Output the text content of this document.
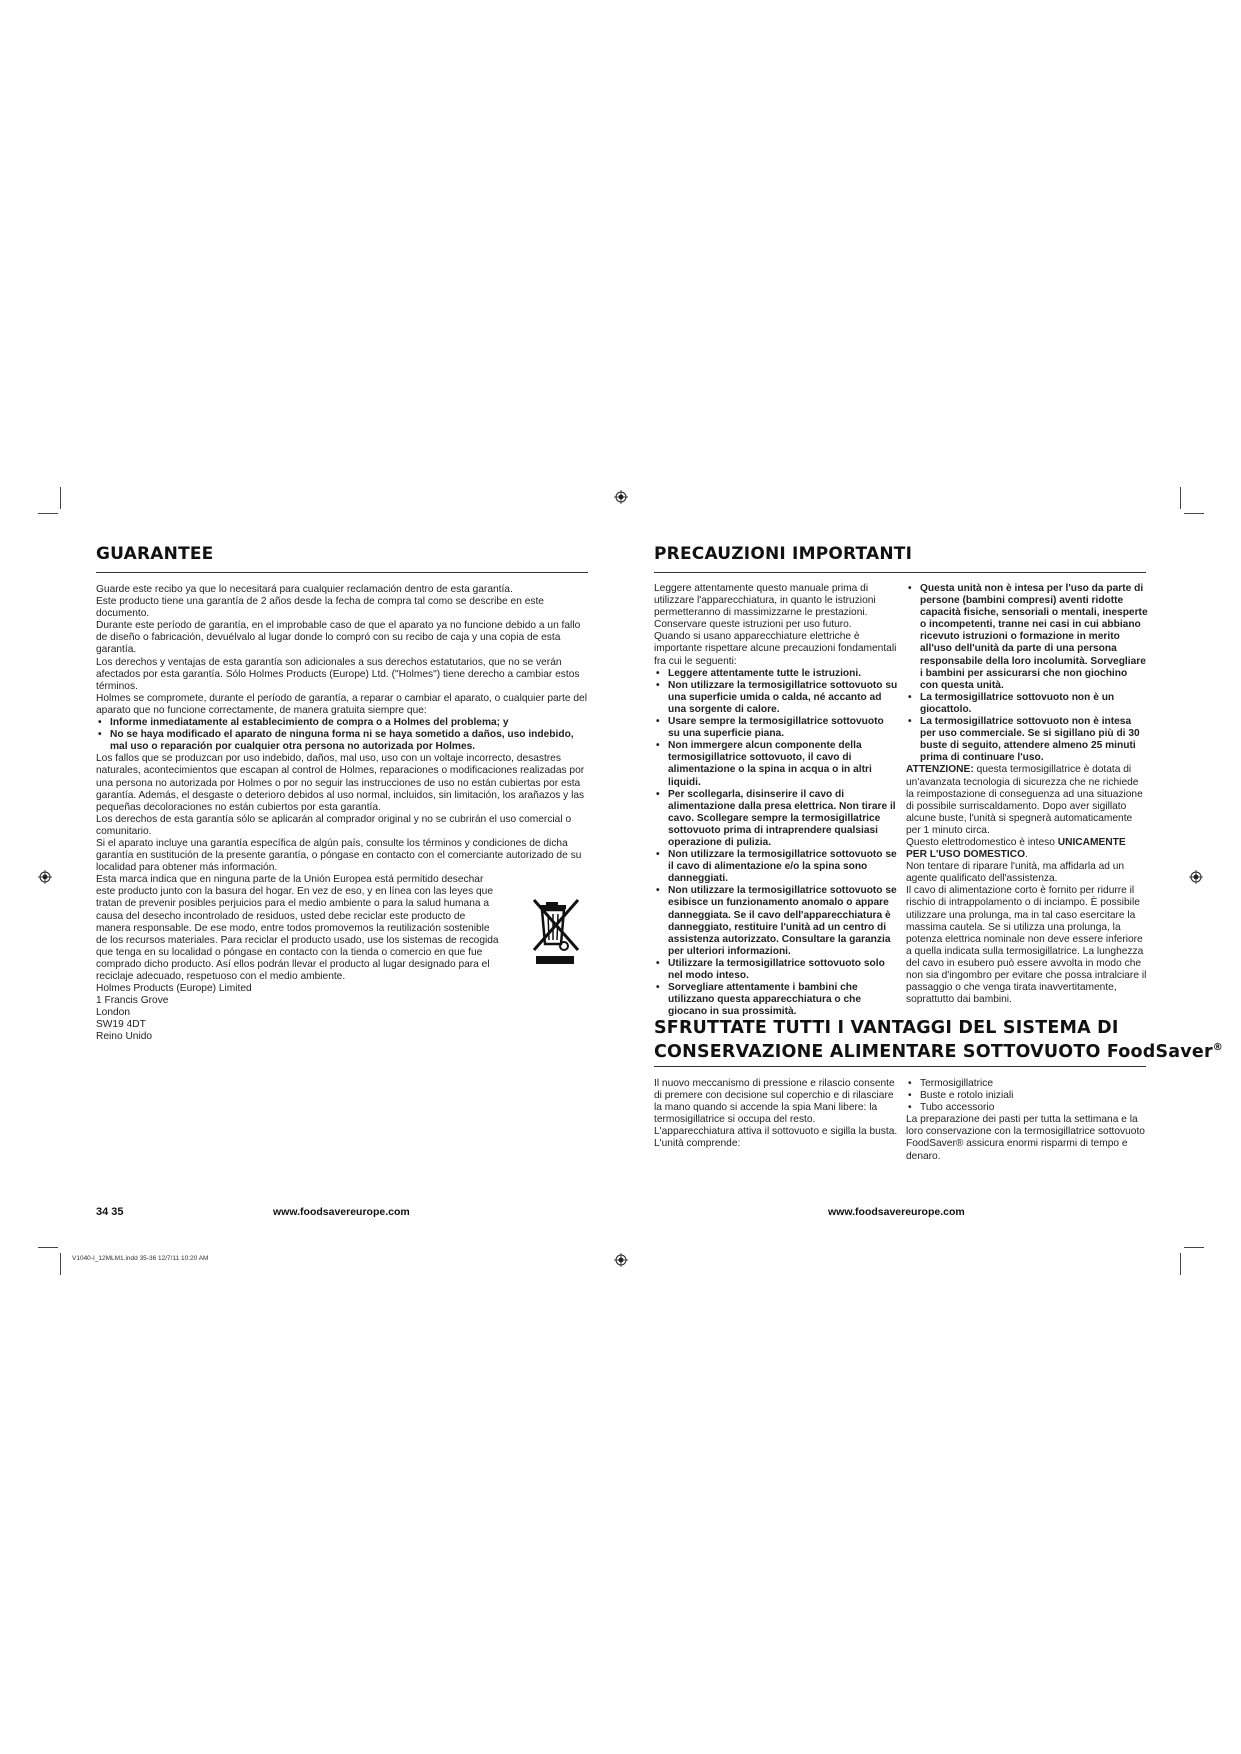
GUARANTEE

Guarde este recibo ya que lo necesitará para cualquier reclamación dentro de esta garantía.

Este producto tiene una garantía de 2 años desde la fecha de compra tal como se describe en este documento.

Durante este período de garantía, en el improbable caso de que el aparato ya no funcione debido a un fallo de diseño o fabricación, devuélvalo al lugar donde lo compró con su recibo de caja y una copia de esta garantía.

Los derechos y ventajas de esta garantía son adicionales a sus derechos estatutarios, que no se verán afectados por esta garantía. Sólo Holmes Products (Europe) Ltd. ("Holmes") tiene derecho a cambiar estos términos.

Holmes se compromete, durante el período de garantía, a reparar o cambiar el aparato, o cualquier parte del aparato que no funcione correctamente, de manera gratuita siempre que:

• Informe inmediatamente al establecimiento de compra o a Holmes del problema; y
• No se haya modificado el aparato de ninguna forma ni se haya sometido a daños, uso indebido, mal uso o reparación por cualquier otra persona no autorizada por Holmes.

Los fallos que se produzcan por uso indebido, daños, mal uso, uso con un voltaje incorrecto, desastres naturales, acontecimientos que escapan al control de Holmes, reparaciones o modificaciones realizadas por una persona no autorizada por Holmes o por no seguir las instrucciones de uso no están cubiertas por esta garantía. Además, el desgaste o deterioro debidos al uso normal, incluidos, sin limitación, los arañazos y las pequeñas decoloraciones no están cubiertos por esta garantía.

Los derechos de esta garantía sólo se aplicarán al comprador original y no se cubrirán el uso comercial o comunitario.

Si el aparato incluye una garantía específica de algún país, consulte los términos y condiciones de dicha garantía en sustitución de la presente garantía, o póngase en contacto con el comerciante autorizado de su localidad para obtener más información.

Esta marca indica que en ninguna parte de la Unión Europea está permitido desechar este producto junto con la basura del hogar. En vez de eso, y en línea con las leyes que tratan de prevenir posibles perjuicios para el medio ambiente o para la salud humana a causa del desecho incontrolado de residuos, usted debe reciclar este producto de manera responsable. De ese modo, entre todos promovemos la reutilización sostenible de los recursos materiales. Para reciclar el producto usado, use los sistemas de recogida que tenga en su localidad o póngase en contacto con la tienda o comercio en que fue comprado dicho producto. Así ellos podrán llevar el producto al lugar designado para el reciclaje adecuado, respetuoso con el medio ambiente.

Holmes Products (Europe) Limited

1 Francis Grove

London

SW19 4DT

Reino Unido

34 35	www.foodsavereurope.com
V1040-I_12MLM1.indd 35-36 12/7/11 10:20 AM
PRECAUZIONI IMPORTANTI

Leggere attentamente questo manuale prima di utilizzare l'apparecchiatura, in quanto le istruzioni permetteranno di massimizzarne le prestazioni.

Conservare queste istruzioni per uso futuro.

Quando si usano apparecchiature elettriche è importante rispettare alcune precauzioni fondamentali fra cui le seguenti:

• Leggere attentamente tutte le istruzioni.
• Non utilizzare la termosigillatrice sottovuoto su una superficie umida o calda, né accanto ad una sorgente di calore.
• Usare sempre la termosigillatrice sottovuoto su una superficie piana.
• Non immergere alcun componente della termosigillatrice sottovuoto, il cavo di alimentazione o la spina in acqua o in altri liquidi.
• Per scollegarla, disinserire il cavo di alimentazione dalla presa elettrica. Non tirare il cavo. Scollegare sempre la termosigillatrice sottovuoto prima di intraprendere qualsiasi operazione di pulizia.
• Non utilizzare la termosigillatrice sottovuoto se il cavo di alimentazione e/o la spina sono danneggiati.
• Non utilizzare la termosigillatrice sottovuoto se esibisce un funzionamento anomalo o appare danneggiata. Se il cavo dell'apparecchiatura è danneggiato, restituire l'unità ad un centro di assistenza autorizzato. Consultare la garanzia per ulteriori informazioni.
• Utilizzare la termosigillatrice sottovuoto solo nel modo inteso.
• Sorvegliare attentamente i bambini che utilizzano questa apparecchiatura o che giocano in sua prossimità.
• Questa unità non è intesa per l'uso da parte di persone (bambini compresi) aventi ridotte capacità fisiche, sensoriali o mentali, inesperte o incompetenti, tranne nei casi in cui abbiano ricevuto istruzioni o formazione in merito all'uso dell'unità da parte di una persona responsabile della loro incolumità. Sorvegliare i bambini per assicurarsi che non giochino con questa unità.
• La termosigillatrice sottovuoto non è un giocattolo.
• La termosigillatrice sottovuoto non è intesa per uso commerciale. Se si sigillano più di 30 buste di seguito, attendere almeno 25 minuti prima di continuare l'uso.

ATTENZIONE: questa termosigillatrice è dotata di un'avanzata tecnologia di sicurezza che ne richiede la reimpostazione di conseguenza ad una situazione di possibile surriscaldamento. Dopo aver sigillato alcune buste, l'unità si spegnerà automaticamente per 1 minuto circa.

Questo elettrodomestico è inteso UNICAMENTE PER L'USO DOMESTICO.

Non tentare di riparare l'unità, ma affidarla ad un agente qualificato dell'assistenza.

Il cavo di alimentazione corto è fornito per ridurre il rischio di intrappolamento o di inciampo. È possibile utilizzare una prolunga, ma in tal caso esercitare la massima cautela. Se si utilizza una prolunga, la potenza elettrica nominale non deve essere inferiore a quella indicata sulla termosigillatrice. La lunghezza del cavo in esubero può essere avvolta in modo che non sia d'ingombro per evitare che possa intralciare il passaggio o che venga tirata inavvertitamente, soprattutto dai bambini.

SFRUTTATE TUTTI I VANTAGGI DEL SISTEMA DI
CONSERVAZIONE ALIMENTARE SOTTOVUOTO FoodSaver®

Il nuovo meccanismo di pressione e rilascio consente di premere con decisione sul coperchio e di rilasciare la mano quando si accende la spia Mani libere: la termosigillatrice si occupa del resto. L'apparecchiatura attiva il sottovuoto e sigilla la busta.

L'unità comprende:

• Termosigillatrice
• Buste e rotolo iniziali
• Tubo accessorio

La preparazione dei pasti per tutta la settimana e la loro conservazione con la termosigillatrice sottovuoto FoodSaver® assicura enormi risparmi di tempo e denaro.

www.foodsavereurope.com
